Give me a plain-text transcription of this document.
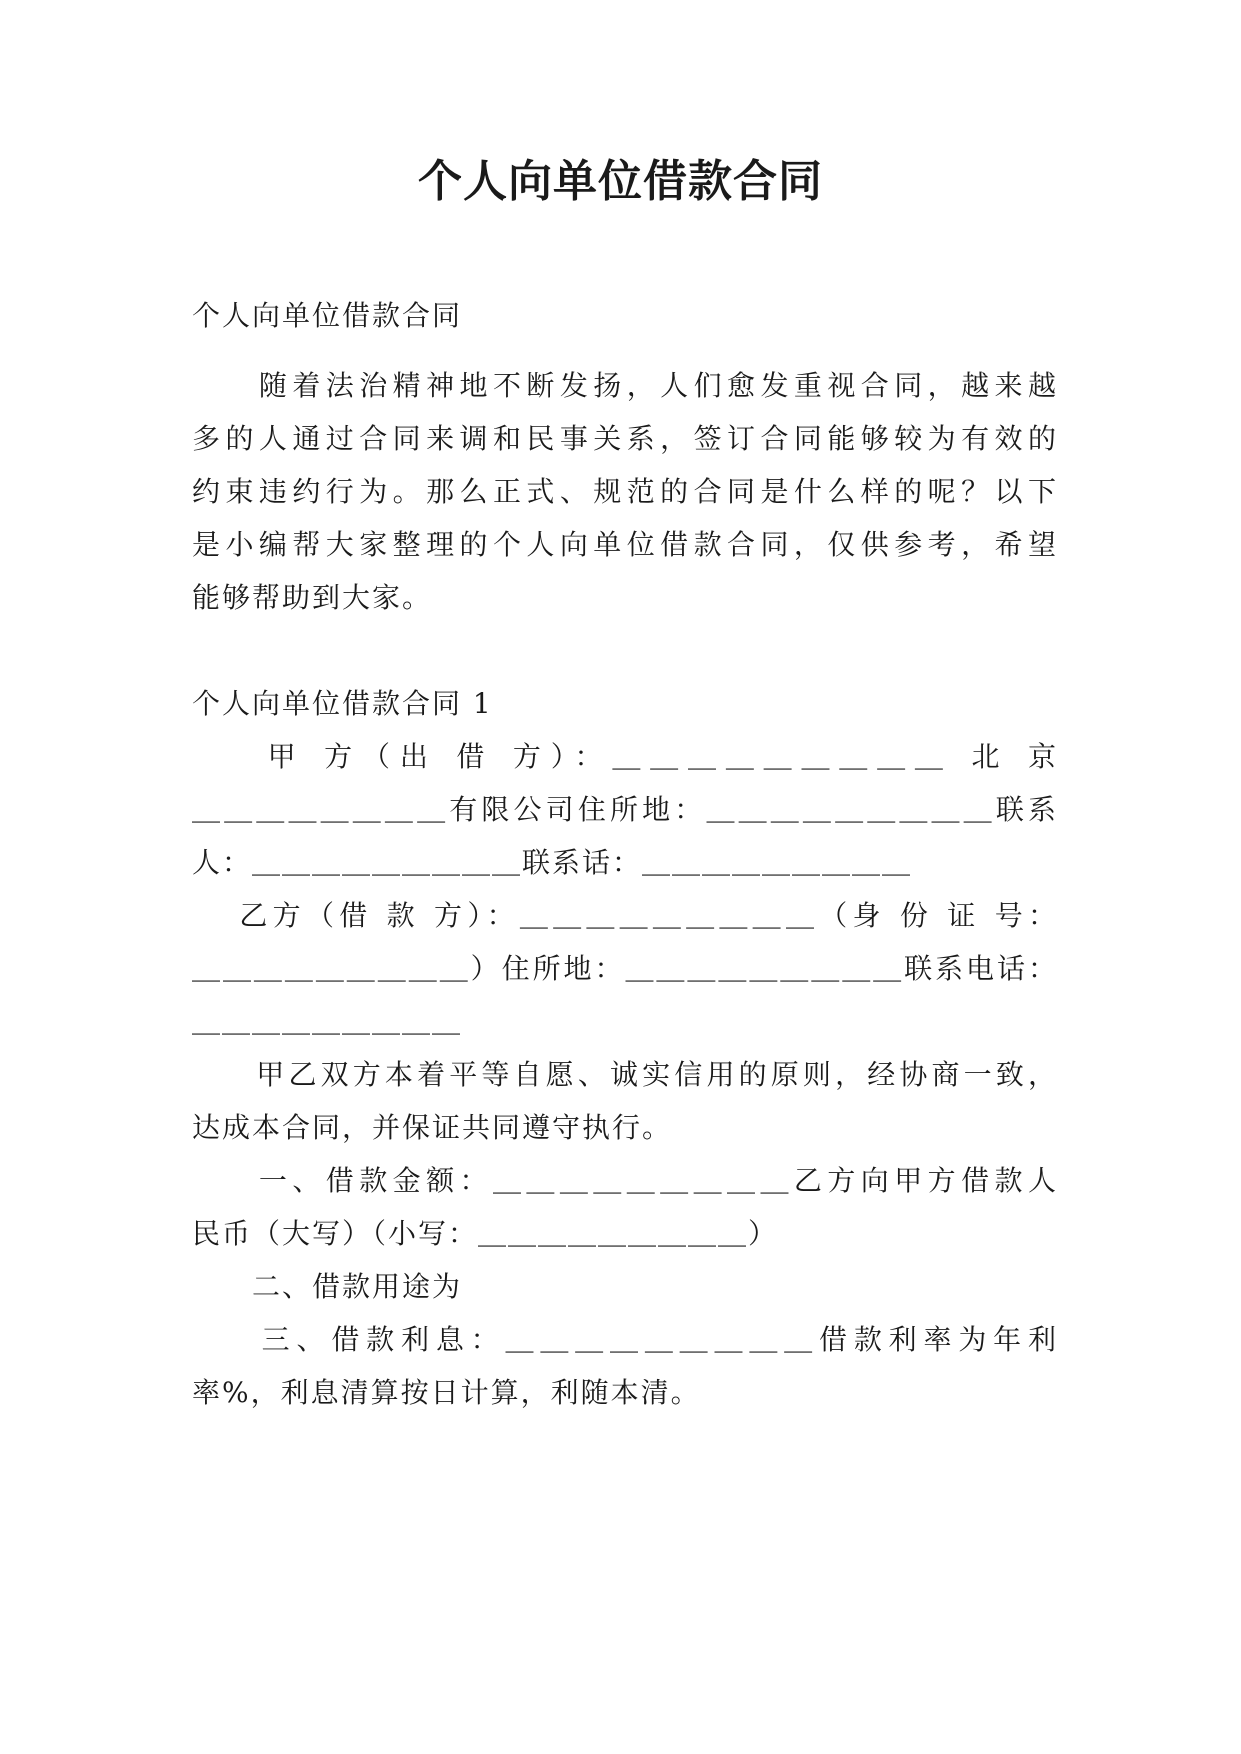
个人向单位借款合同
个人向单位借款合同
　　随着法治精神地不断发扬，人们愈发重视合同，越来越
多的人通过合同来调和民事关系，签订合同能够较为有效的
约束违约行为。那么正式、规范的合同是什么样的呢？以下
是小编帮大家整理的个人向单位借款合同，仅供参考，希望
能够帮助到大家。
个人向单位借款合同 1
　　甲 方（出 借 方）：＿＿＿＿＿＿＿＿＿ 北 京
＿＿＿＿＿＿＿＿有限公司住所地：＿＿＿＿＿＿＿＿＿联系
人：＿＿＿＿＿＿＿＿＿联系话：＿＿＿＿＿＿＿＿＿
　 乙方（借 款 方）：＿＿＿＿＿＿＿＿＿（身 份 证 号：
＿＿＿＿＿＿＿＿＿）住所地：＿＿＿＿＿＿＿＿＿联系电话：
＿＿＿＿＿＿＿＿＿
　　甲乙双方本着平等自愿、诚实信用的原则，经协商一致，
达成本合同，并保证共同遵守执行。
　　一、借款金额：＿＿＿＿＿＿＿＿＿乙方向甲方借款人
民币（大写）（小写：＿＿＿＿＿＿＿＿＿）
　　二、借款用途为
　　三、借款利息：＿＿＿＿＿＿＿＿＿借款利率为年利
率%，利息清算按日计算，利随本清。
